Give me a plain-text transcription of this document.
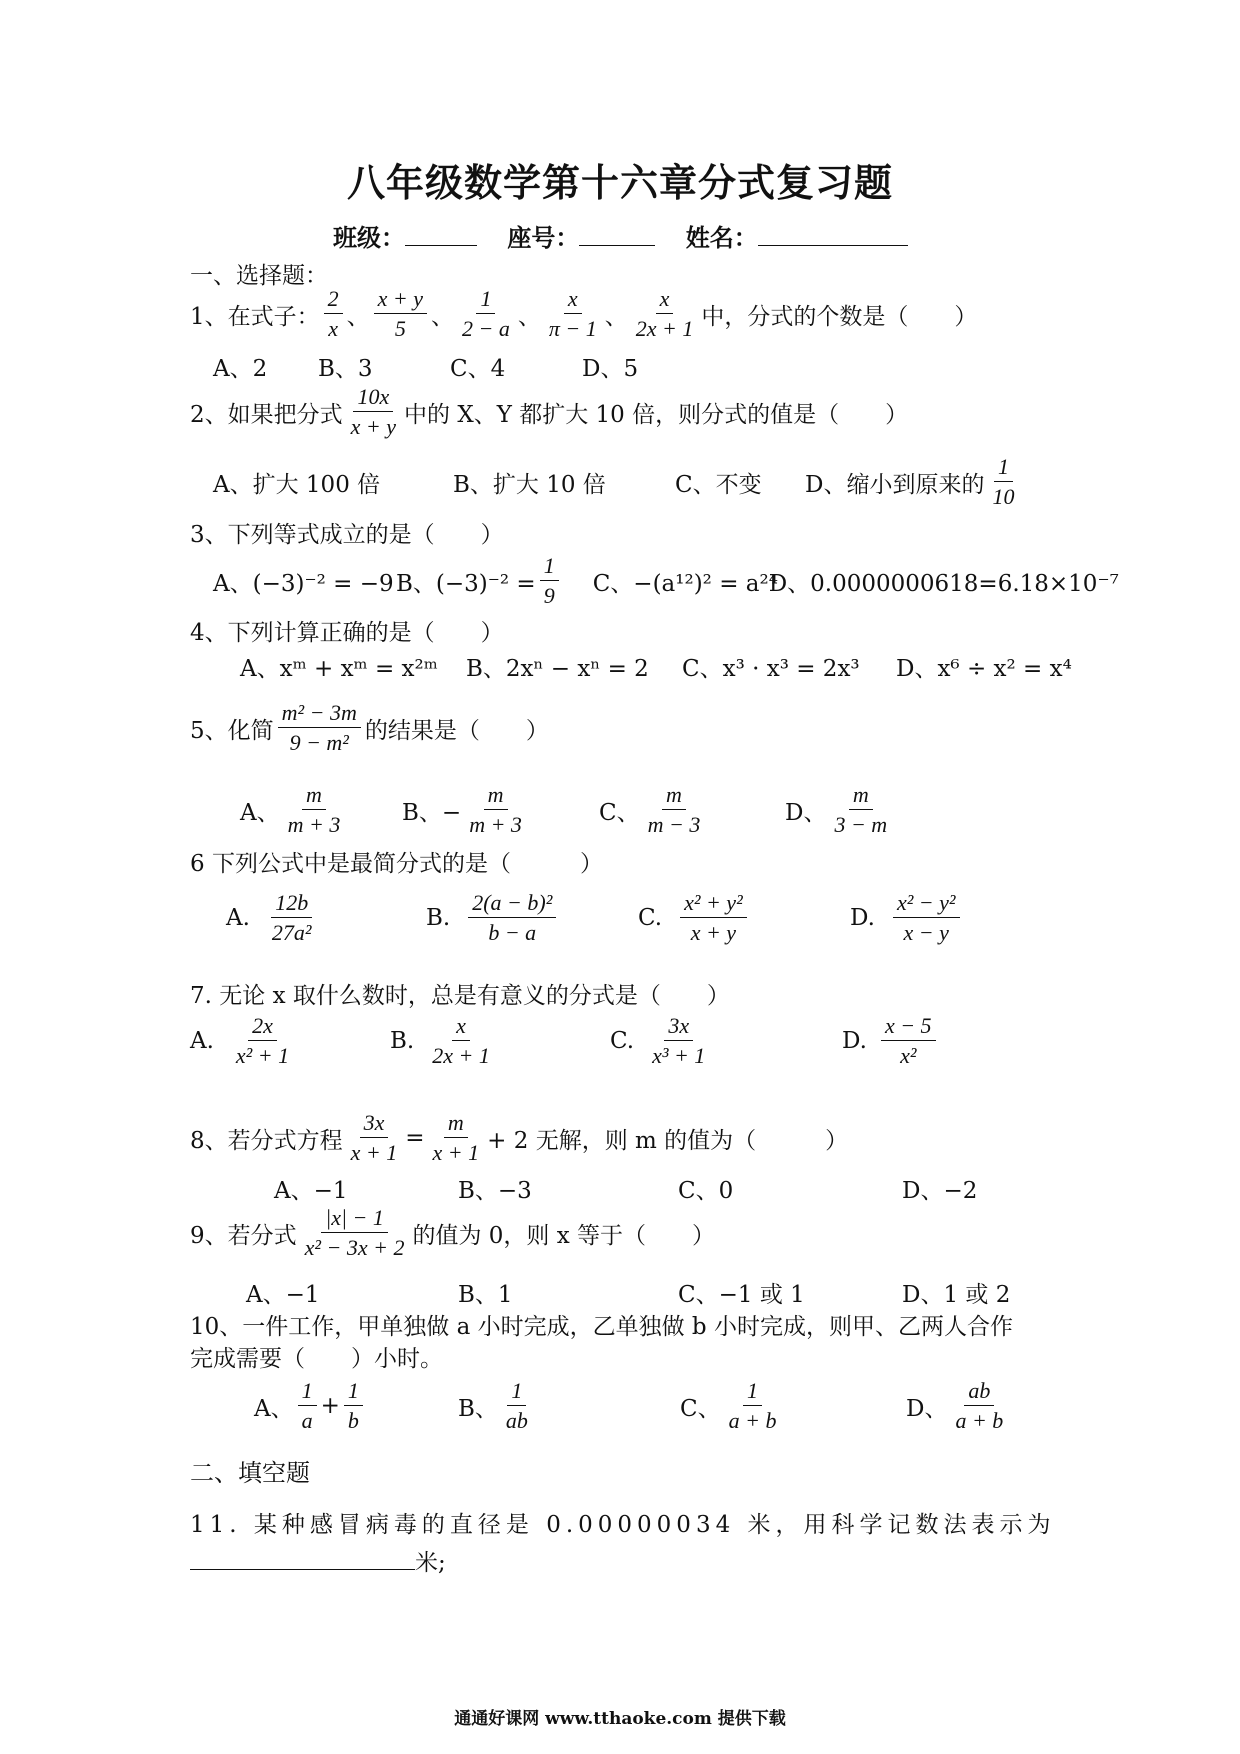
八年级数学第十六章分式复习题
班级：	座号：	姓名：
一、选择题：
1、在式子： $\frac{2}{x}$ 、 $\frac{x + y}{5}$ 、 $\frac{1}{2 - a}$ 、 $\frac{x}{\pi - 1}$ 、 $\frac{x}{2x + 1}$ 中，分式的个数是（　　）
A、2 B、3	C、4	D、5
2、如果把分式 $\frac{10x}{x + y}$ 中的 X、Y 都扩大 10 倍，则分式的值是（　　）
A、扩大 100 倍	B、扩大 10 倍	C、不变	D、缩小到原来的 $\frac{1}{10}$
3、下列等式成立的是（　　）
A、(−3)⁻² = −9 B、$(-3)^{-2} = \frac{1}{9}$ C、−(a¹²)² = a²⁴
D、0.0000000618=6.18×10⁻⁷
4、下列计算正确的是（　　）
A、xᵐ + xᵐ = x²ᵐ	B、2xⁿ − xⁿ = 2	C、x³ · x³ = 2x³	D、x⁶ ÷ x² = x⁴
5、化简 $\frac{\text{m² − 3m}}{\text{9 − m²}}$ 的结果是（　　）
A、 $\frac{m}{m + 3}$	B、− $\frac{m}{m + 3}$	C、 $\frac{m}{m - 3}$	D、 $\frac{m}{3 - m}$
6 下列公式中是最简分式的是（　　　）
A. $\frac{12b}{\text{27a²}}$	B. $\frac{\text{2(a − b)²}}{b - a}$	C. $\frac{\text{x² + y²}}{x + y}$	D. $\frac{\text{x² − y²}}{x - y}$
7. 无论 x 取什么数时，总是有意义的分式是（　　）
A. $\frac{2x}{\text{x² + 1}}$	B. $\frac{x}{2x + 1}$	C. $\frac{3x}{\text{x³ + 1}}$	D. $\frac{x - 5}{\text{x²}}$
8、若分式方程 $\frac{3x}{x + 1} = \frac{m}{x + 1} + 2$ 无解，则 m 的值为（　　　）
A、−1	B、−3	C、0	D、−2
9、若分式 $\frac{|x| - 1}{\text{x² − 3x + 2}}$ 的值为 0，则 x 等于（　　）
A、−1	B、1	C、−1 或 1	D、1 或 2
10、一件工作，甲单独做 a 小时完成，乙单独做 b 小时完成，则甲、乙两人合作
完成需要（　　）小时。
A、 $\frac{1}{a} + \frac{1}{b}$	B、 $\frac{1}{ab}$	C、 $\frac{1}{a + b}$	D、 $\frac{ab}{a + b}$
二、填空题
11. 某种感冒病毒的直径是 0.00000034 米，用科学记数法表示为
米;
通通好课网 www.tthaoke.com 提供下载
